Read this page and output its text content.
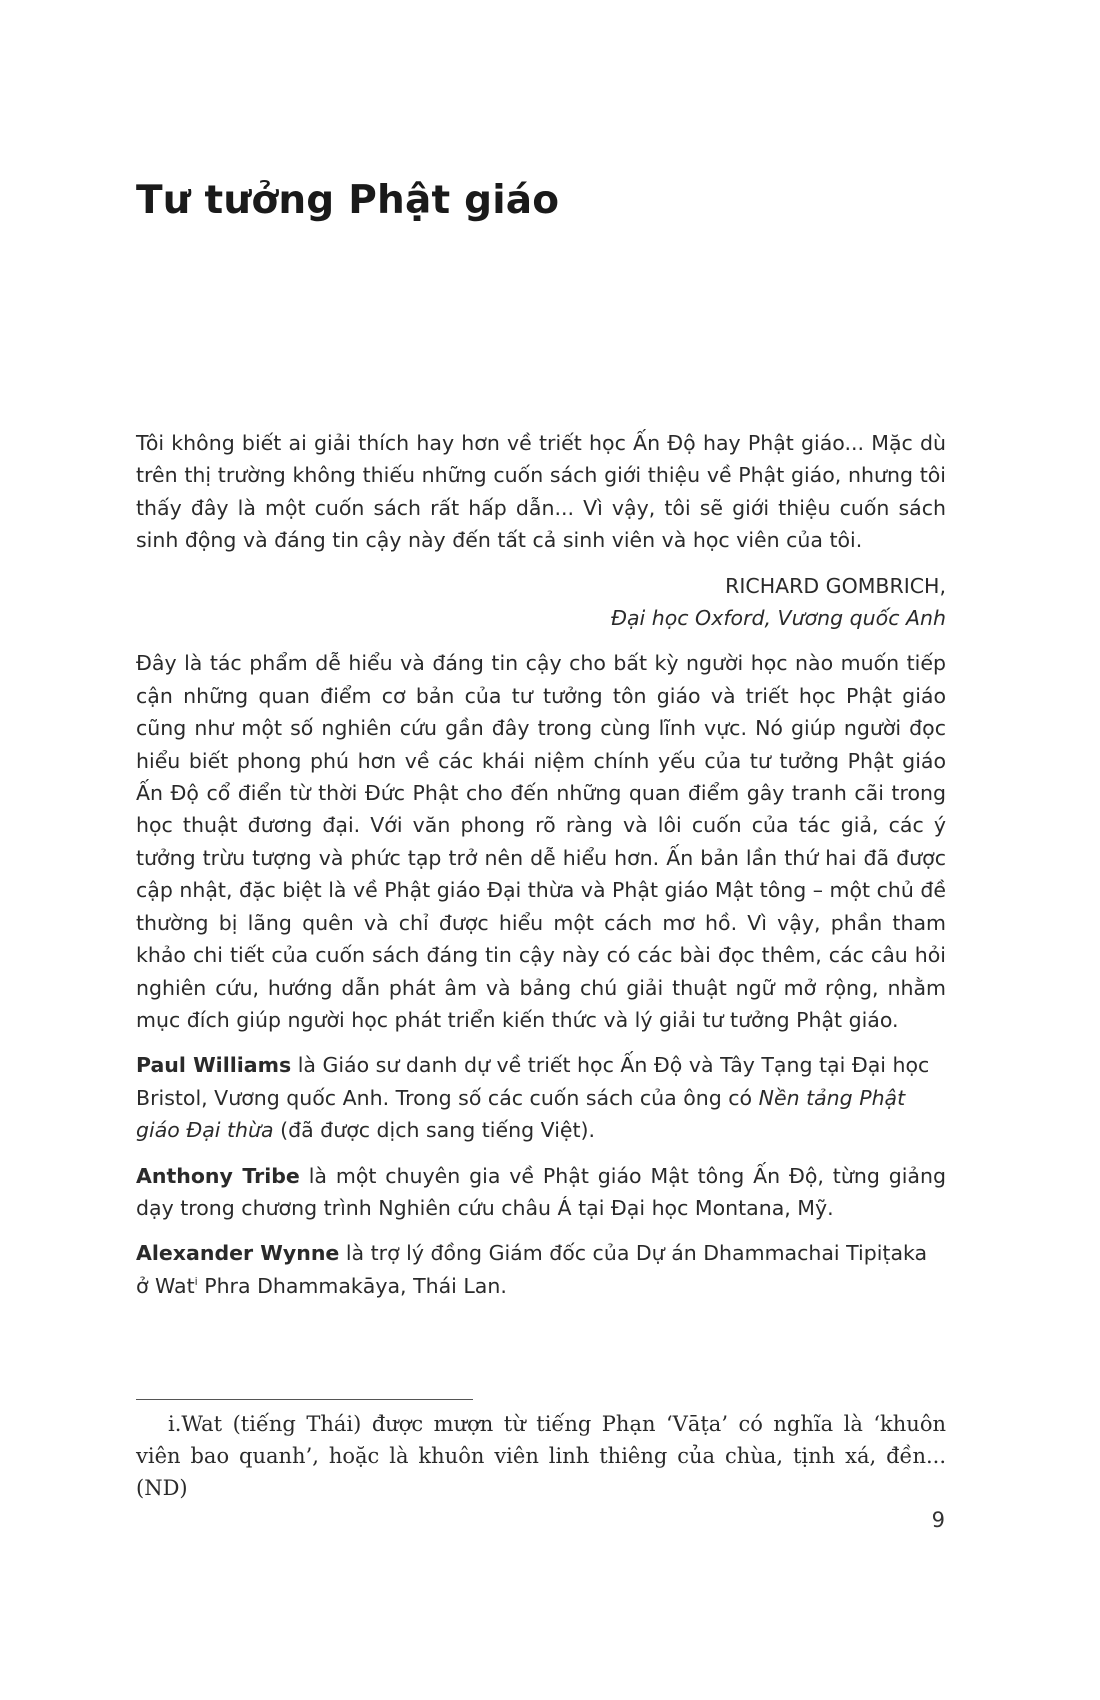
Tư tưởng Phật giáo

Tôi không biết ai giải thích hay hơn về triết học Ấn Độ hay Phật giáo... Mặc dù trên thị trường không thiếu những cuốn sách giới thiệu về Phật giáo, nhưng tôi thấy đây là một cuốn sách rất hấp dẫn... Vì vậy, tôi sẽ giới thiệu cuốn sách sinh động và đáng tin cậy này đến tất cả sinh viên và học viên của tôi.

RICHARD GOMBRICH,

Đại học Oxford, Vương quốc Anh

Đây là tác phẩm dễ hiểu và đáng tin cậy cho bất kỳ người học nào muốn tiếp cận những quan điểm cơ bản của tư tưởng tôn giáo và triết học Phật giáo cũng như một số nghiên cứu gần đây trong cùng lĩnh vực. Nó giúp người đọc hiểu biết phong phú hơn về các khái niệm chính yếu của tư tưởng Phật giáo Ấn Độ cổ điển từ thời Đức Phật cho đến những quan điểm gây tranh cãi trong học thuật đương đại. Với văn phong rõ ràng và lôi cuốn của tác giả, các ý tưởng trừu tượng và phức tạp trở nên dễ hiểu hơn. Ấn bản lần thứ hai đã được cập nhật, đặc biệt là về Phật giáo Đại thừa và Phật giáo Mật tông – một chủ đề thường bị lãng quên và chỉ được hiểu một cách mơ hồ. Vì vậy, phần tham khảo chi tiết của cuốn sách đáng tin cậy này có các bài đọc thêm, các câu hỏi nghiên cứu, hướng dẫn phát âm và bảng chú giải thuật ngữ mở rộng, nhằm mục đích giúp người học phát triển kiến thức và lý giải tư tưởng Phật giáo.

Paul Williams là Giáo sư danh dự về triết học Ấn Độ và Tây Tạng tại Đại học Bristol, Vương quốc Anh. Trong số các cuốn sách của ông có Nền tảng Phật giáo Đại thừa (đã được dịch sang tiếng Việt).

Anthony Tribe là một chuyên gia về Phật giáo Mật tông Ấn Độ, từng giảng dạy trong chương trình Nghiên cứu châu Á tại Đại học Montana, Mỹ.

Alexander Wynne là trợ lý đồng Giám đốc của Dự án Dhammachai Tipiṭaka ở Wat$^i$ Phra Dhammakāya, Thái Lan.

i.Wat (tiếng Thái) được mượn từ tiếng Phạn ‘Vāṭa’ có nghĩa là ‘khuôn viên bao quanh’, hoặc là khuôn viên linh thiêng của chùa, tịnh xá, đền... (ND)

9
